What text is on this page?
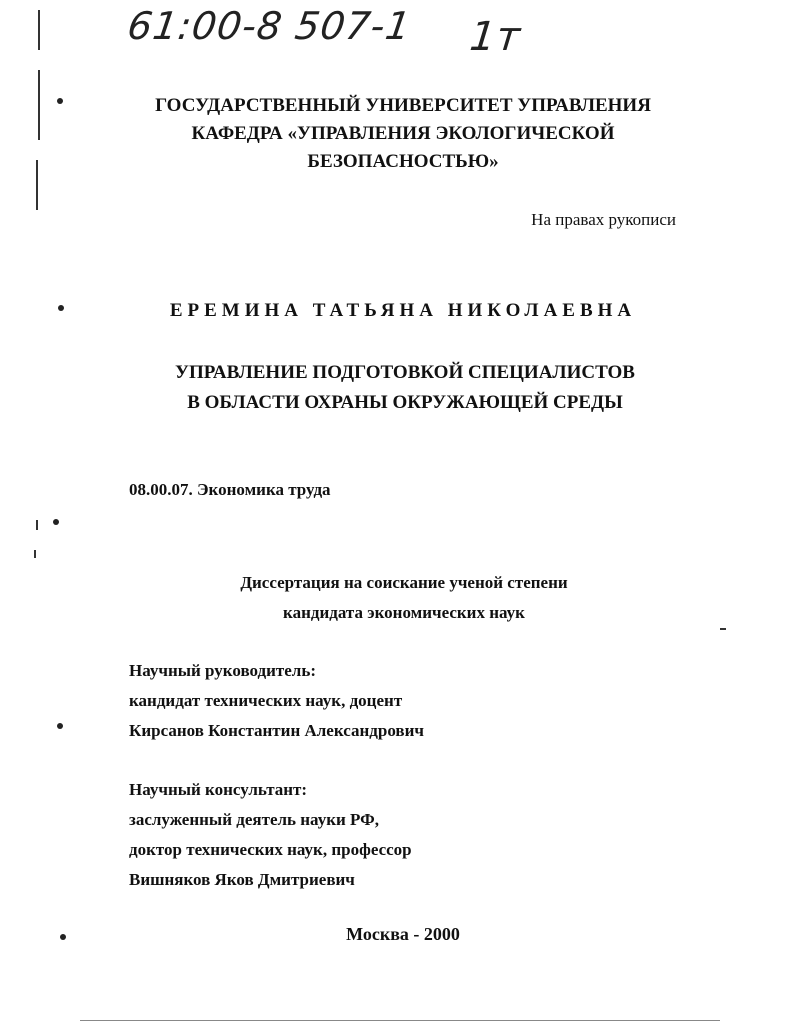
61:00-8 507-1 1т
ГОСУДАРСТВЕННЫЙ УНИВЕРСИТЕТ УПРАВЛЕНИЯ
КАФЕДРА «УПРАВЛЕНИЯ ЭКОЛОГИЧЕСКОЙ
БЕЗОПАСНОСТЬЮ»
На правах рукописи
ЕРЕМИНА ТАТЬЯНА НИКОЛАЕВНА
УПРАВЛЕНИЕ ПОДГОТОВКОЙ СПЕЦИАЛИСТОВ
В ОБЛАСТИ ОХРАНЫ ОКРУЖАЮЩЕЙ СРЕДЫ
08.00.07. Экономика труда
Диссертация на соискание ученой степени
кандидата экономических наук
Научный руководитель:
кандидат технических наук, доцент
Кирсанов Константин Александрович
Научный консультант:
заслуженный деятель науки РФ,
доктор технических наук, профессор
Вишняков Яков Дмитриевич
Москва - 2000
